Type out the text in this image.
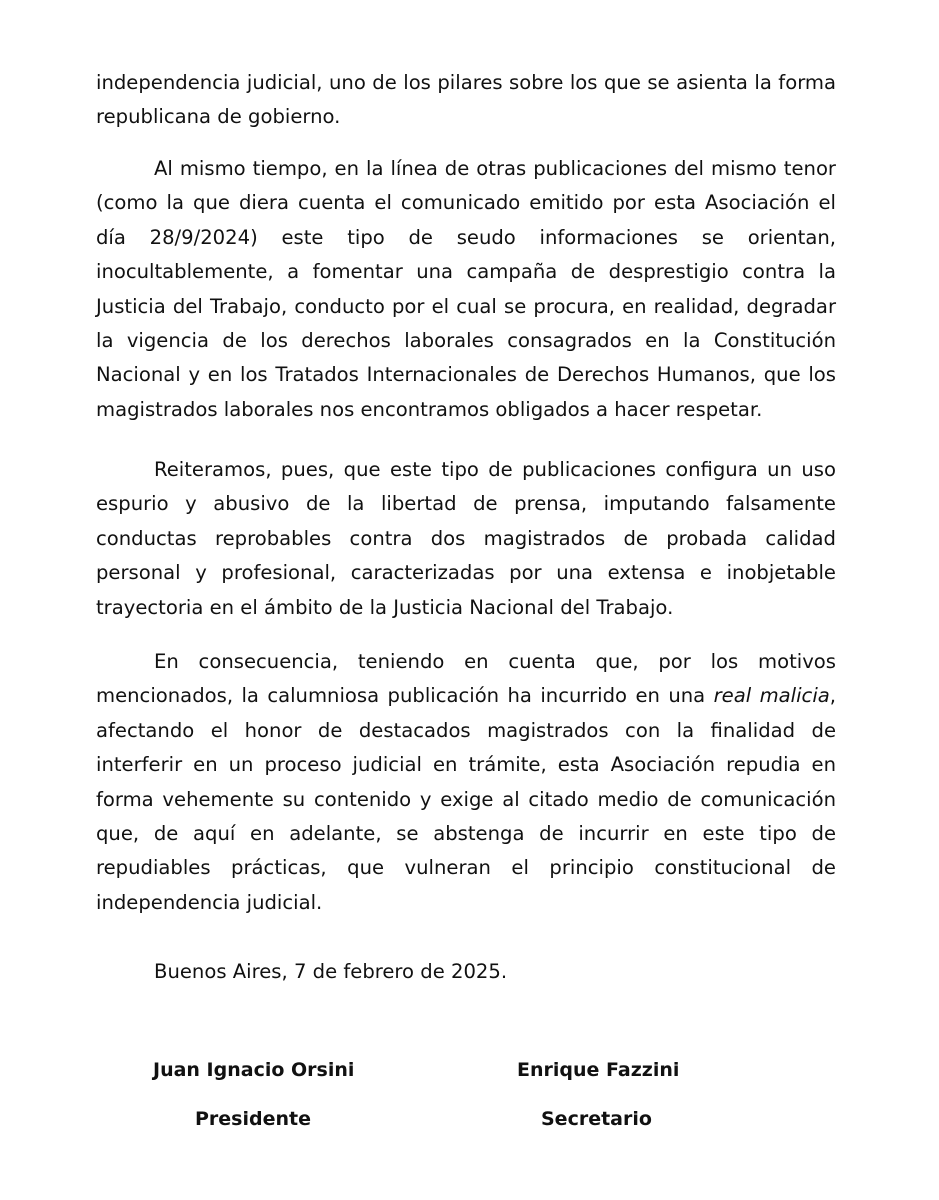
independencia judicial, uno de los pilares sobre los que se asienta la forma republicana de gobierno.

Al mismo tiempo, en la línea de otras publicaciones del mismo tenor (como la que diera cuenta el comunicado emitido por esta Asociación el día 28/9/2024) este tipo de seudo informaciones se orientan, inocultablemente, a fomentar una campaña de desprestigio contra la Justicia del Trabajo, conducto por el cual se procura, en realidad, degradar la vigencia de los derechos laborales consagrados en la Constitución Nacional y en los Tratados Internacionales de Derechos Humanos, que los magistrados laborales nos encontramos obligados a hacer respetar.

Reiteramos, pues, que este tipo de publicaciones configura un uso espurio y abusivo de la libertad de prensa, imputando falsamente conductas reprobables contra dos magistrados de probada calidad personal y profesional, caracterizadas por una extensa e inobjetable trayectoria en el ámbito de la Justicia Nacional del Trabajo.

En consecuencia, teniendo en cuenta que, por los motivos mencionados, la calumniosa publicación ha incurrido en una real malicia, afectando el honor de destacados magistrados con la finalidad de interferir en un proceso judicial en trámite, esta Asociación repudia en forma vehemente su contenido y exige al citado medio de comunicación que, de aquí en adelante, se abstenga de incurrir en este tipo de repudiables prácticas, que vulneran el principio constitucional de independencia judicial.

Buenos Aires, 7 de febrero de 2025.

Juan Ignacio Orsini

Presidente

Enrique Fazzini

Secretario
